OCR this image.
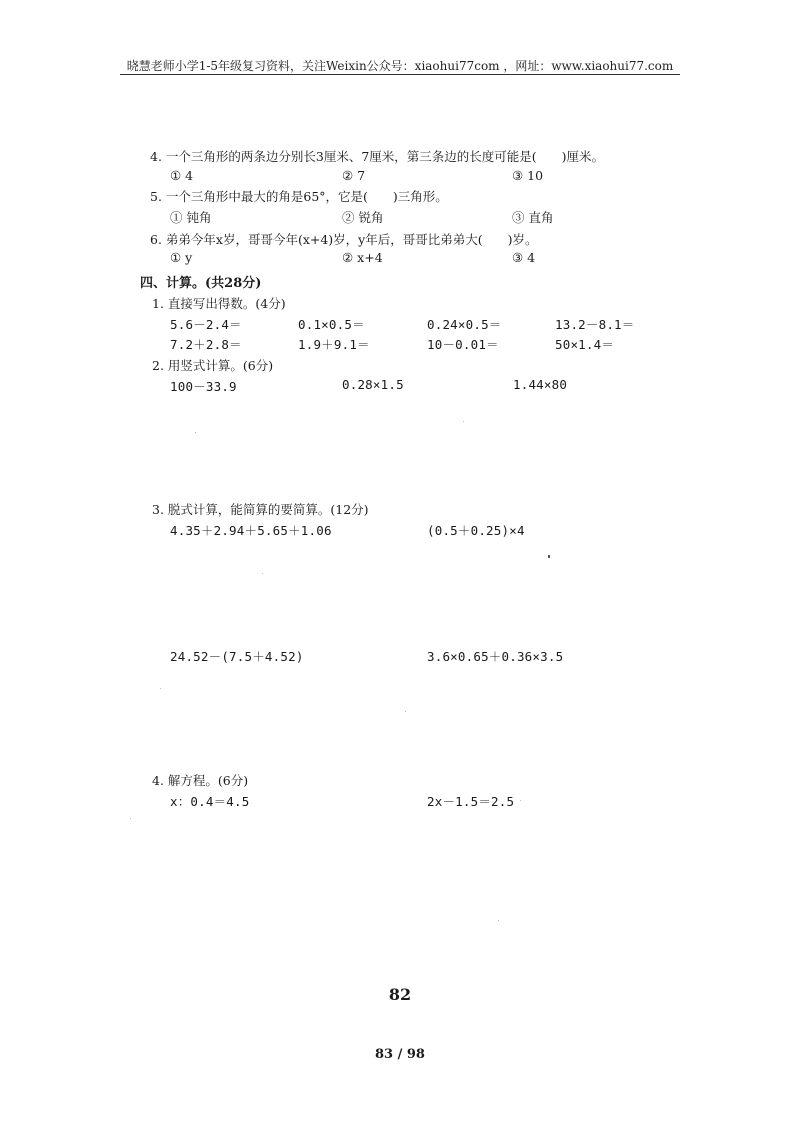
晓慧老师小学1-5年级复习资料，关注Weixin公众号：xiaohui77com ，网址：www.xiaohui77.com
4. 一个三角形的两条边分别长3厘米、7厘米，第三条边的长度可能是(　　)厘米。
① 4	② 7	③ 10
5. 一个三角形中最大的角是65°，它是(　　)三角形。
① 钝角	② 锐角	③ 直角
6. 弟弟今年x岁，哥哥今年(x+4)岁，y年后，哥哥比弟弟大(　　)岁。
① y	② x+4	③ 4
四、计算。(共28分)
1. 直接写出得数。(4分)
5.6－2.4＝	0.1×0.5＝	0.24×0.5＝	13.2－8.1＝
7.2＋2.8＝	1.9＋9.1＝	10－0.01＝	50×1.4＝
2. 用竖式计算。(6分)
100－33.9	0.28×1.5	1.44×80
3. 脱式计算，能简算的要简算。(12分)
4.35＋2.94＋5.65＋1.06	(0.5＋0.25)×4
24.52－(7.5＋4.52)	3.6×0.65＋0.36×3.5
4. 解方程。(6分)
x：0.4＝4.5	2x－1.5＝2.5
82
83 / 98
